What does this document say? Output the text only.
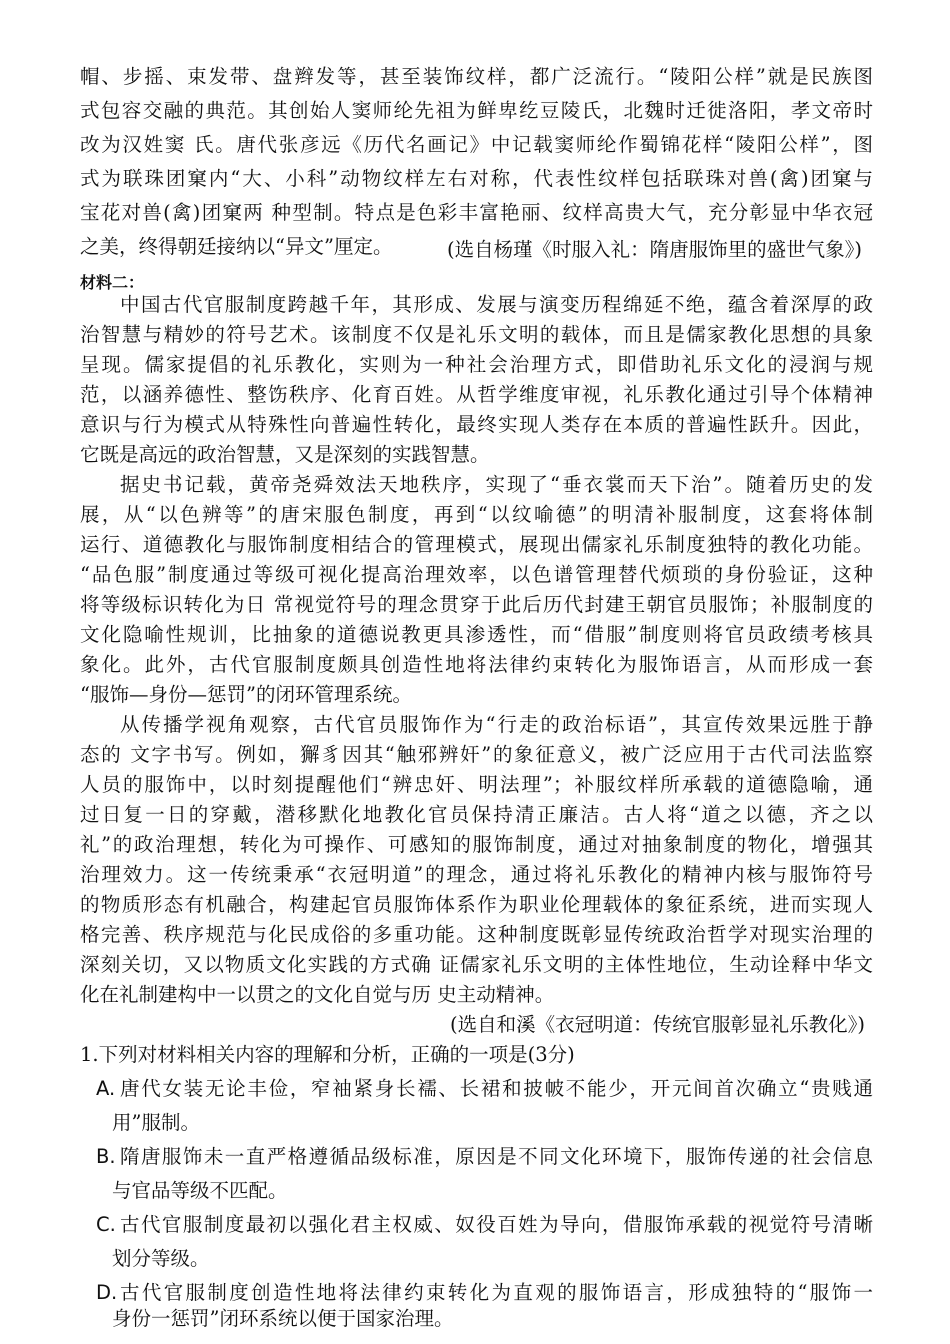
帽、步摇、束发带、盘辫发等，甚至装饰纹样，都广泛流行。“陵阳公样”就是民族图
式包容交融的典范。其创始人窦师纶先祖为鲜卑纥豆陵氏，北魏时迁徙洛阳，孝文帝时
改为汉姓窦 氏。唐代张彦远《历代名画记》中记载窦师纶作蜀锦花样“陵阳公样”，图
式为联珠团窠内“大、小科”动物纹样左右对称，代表性纹样包括联珠对兽(禽)团窠与
宝花对兽(禽)团窠两 种型制。特点是色彩丰富艳丽、纹样高贵大气，充分彰显中华衣冠
之美，终得朝廷接纳以“异文”厘定。	(选自杨瑾《时服入礼：隋唐服饰里的盛世气象》)
材料二：
中国古代官服制度跨越千年，其形成、发展与演变历程绵延不绝，蕴含着深厚的政
治智慧与精妙的符号艺术。该制度不仅是礼乐文明的载体，而且是儒家教化思想的具象
呈现。儒家提倡的礼乐教化，实则为一种社会治理方式，即借助礼乐文化的浸润与规
范，以涵养德性、整饬秩序、化育百姓。从哲学维度审视，礼乐教化通过引导个体精神
意识与行为模式从特殊性向普遍性转化，最终实现人类存在本质的普遍性跃升。因此，
它既是高远的政治智慧，又是深刻的实践智慧。
据史书记载，黄帝尧舜效法天地秩序，实现了“垂衣裳而天下治”。随着历史的发
展，从“以色辨等”的唐宋服色制度，再到“以纹喻德”的明清补服制度，这套将体制
运行、道德教化与服饰制度相结合的管理模式，展现出儒家礼乐制度独特的教化功能。
“品色服”制度通过等级可视化提高治理效率，以色谱管理替代烦琐的身份验证，这种
将等级标识转化为日 常视觉符号的理念贯穿于此后历代封建王朝官员服饰；补服制度的
文化隐喻性规训，比抽象的道德说教更具渗透性，而“借服”制度则将官员政绩考核具
象化。此外，古代官服制度颇具创造性地将法律约束转化为服饰语言，从而形成一套
“服饰—身份—惩罚”的闭环管理系统。
从传播学视角观察，古代官员服饰作为“行走的政治标语”，其宣传效果远胜于静
态的 文字书写。例如，獬豸因其“触邪辨奸”的象征意义，被广泛应用于古代司法监察
人员的服饰中，以时刻提醒他们“辨忠奸、明法理”；补服纹样所承载的道德隐喻，通
过日复一日的穿戴，潜移默化地教化官员保持清正廉洁。古人将“道之以德，齐之以
礼”的政治理想，转化为可操作、可感知的服饰制度，通过对抽象制度的物化，增强其
治理效力。这一传统秉承“衣冠明道”的理念，通过将礼乐教化的精神内核与服饰符号
的物质形态有机融合，构建起官员服饰体系作为职业伦理载体的象征系统，进而实现人
格完善、秩序规范与化民成俗的多重功能。这种制度既彰显传统政治哲学对现实治理的
深刻关切，又以物质文化实践的方式确 证儒家礼乐文明的主体性地位，生动诠释中华文
化在礼制建构中一以贯之的文化自觉与历 史主动精神。
(选自和溪《衣冠明道：传统官服彰显礼乐教化》)
1.下列对材料相关内容的理解和分析，正确的一项是(3分)
A. 唐代女装无论丰俭，窄袖紧身长襦、长裙和披帔不能少，开元间首次确立“贵贱通
用”服制。
B. 隋唐服饰未一直严格遵循品级标准，原因是不同文化环境下，服饰传递的社会信息
与官品等级不匹配。
C. 古代官服制度最初以强化君主权威、奴役百姓为导向，借服饰承载的视觉符号清晰
划分等级。
D. 古代官服制度创造性地将法律约束转化为直观的服饰语言，形成独特的“服饰一
身份一惩罚”闭环系统以便于国家治理。
